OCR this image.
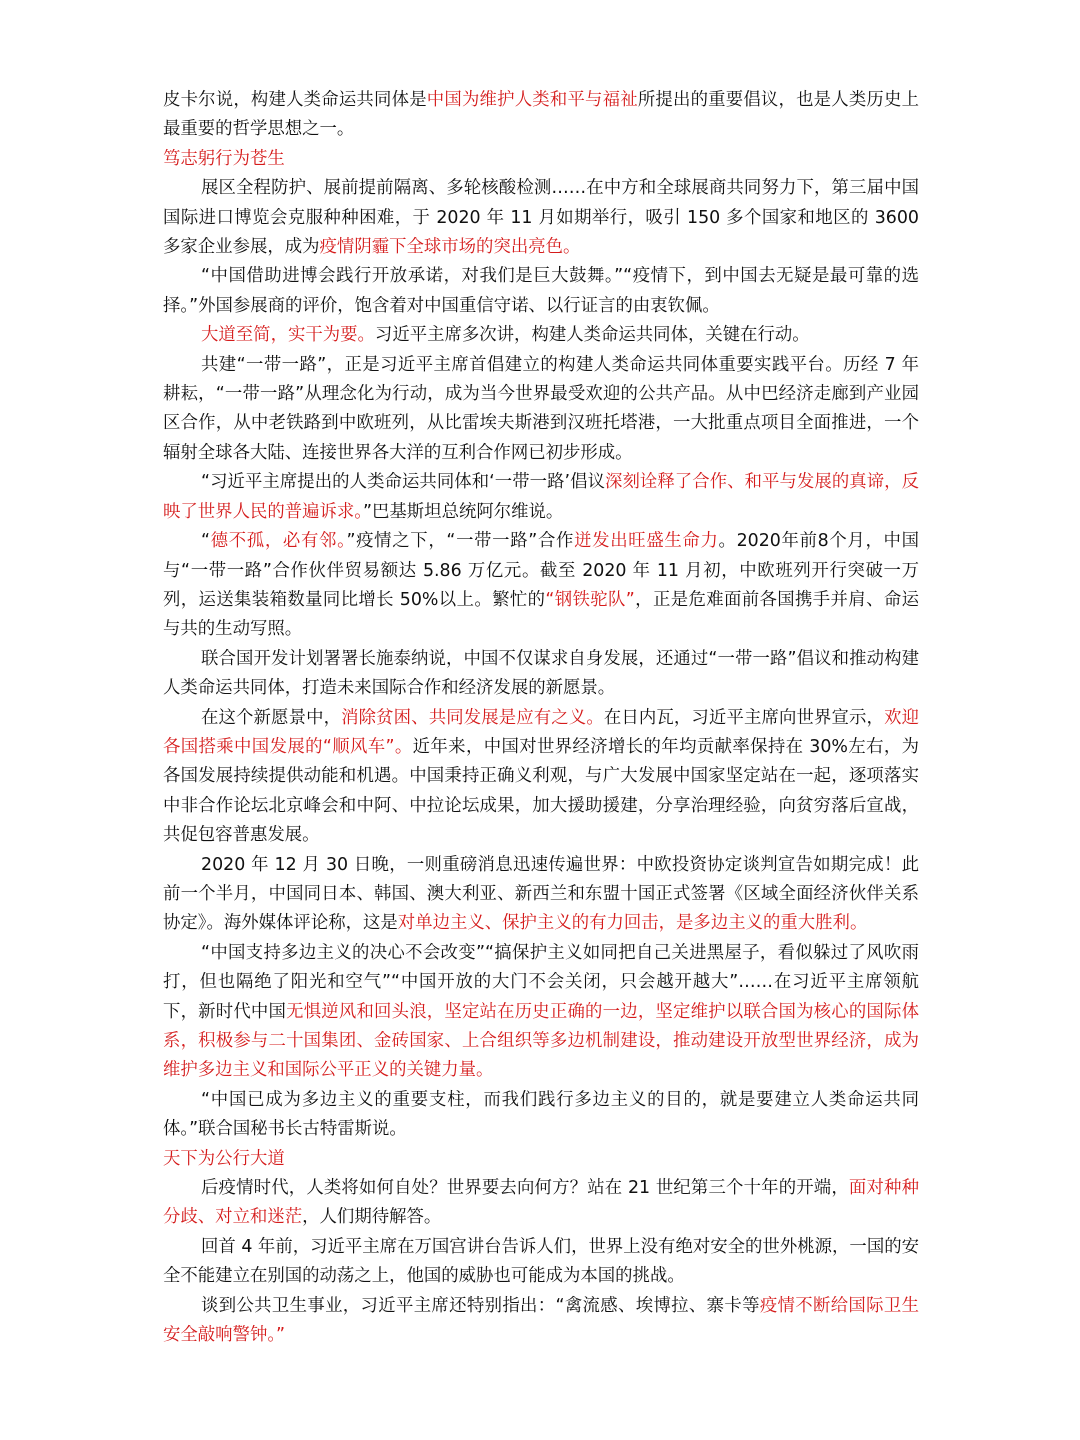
皮卡尔说，构建人类命运共同体是中国为维护人类和平与福祉所提出的重要倡议，也是人类历史上最重要的哲学思想之一。

笃志躬行为苍生

展区全程防护、展前提前隔离、多轮核酸检测……在中方和全球展商共同努力下，第三届中国国际进口博览会克服种种困难，于 2020 年 11 月如期举行，吸引 150 多个国家和地区的 3600 多家企业参展，成为疫情阴霾下全球市场的突出亮色。

“中国借助进博会践行开放承诺，对我们是巨大鼓舞。”“疫情下，到中国去无疑是最可靠的选择。”外国参展商的评价，饱含着对中国重信守诺、以行证言的由衷钦佩。

大道至简，实干为要。习近平主席多次讲，构建人类命运共同体，关键在行动。

共建“一带一路”，正是习近平主席首倡建立的构建人类命运共同体重要实践平台。历经 7 年耕耘，“一带一路”从理念化为行动，成为当今世界最受欢迎的公共产品。从中巴经济走廊到产业园区合作，从中老铁路到中欧班列，从比雷埃夫斯港到汉班托塔港，一大批重点项目全面推进，一个辐射全球各大陆、连接世界各大洋的互利合作网已初步形成。

“习近平主席提出的人类命运共同体和‘一带一路’倡议深刻诠释了合作、和平与发展的真谛，反映了世界人民的普遍诉求。”巴基斯坦总统阿尔维说。

“德不孤，必有邻。”疫情之下，“一带一路”合作迸发出旺盛生命力。2020年前8个月，中国与“一带一路”合作伙伴贸易额达 5.86 万亿元。截至 2020 年 11 月初，中欧班列开行突破一万列，运送集装箱数量同比增长 50%以上。繁忙的“钢铁驼队”，正是危难面前各国携手并肩、命运与共的生动写照。

联合国开发计划署署长施泰纳说，中国不仅谋求自身发展，还通过“一带一路”倡议和推动构建人类命运共同体，打造未来国际合作和经济发展的新愿景。

在这个新愿景中，消除贫困、共同发展是应有之义。在日内瓦，习近平主席向世界宣示，欢迎各国搭乘中国发展的“顺风车”。近年来，中国对世界经济增长的年均贡献率保持在 30%左右，为各国发展持续提供动能和机遇。中国秉持正确义利观，与广大发展中国家坚定站在一起，逐项落实中非合作论坛北京峰会和中阿、中拉论坛成果，加大援助援建，分享治理经验，向贫穷落后宣战，共促包容普惠发展。

2020 年 12 月 30 日晚，一则重磅消息迅速传遍世界：中欧投资协定谈判宣告如期完成！此前一个半月，中国同日本、韩国、澳大利亚、新西兰和东盟十国正式签署《区域全面经济伙伴关系协定》。海外媒体评论称，这是对单边主义、保护主义的有力回击，是多边主义的重大胜利。

“中国支持多边主义的决心不会改变”“搞保护主义如同把自己关进黑屋子，看似躲过了风吹雨打，但也隔绝了阳光和空气”“中国开放的大门不会关闭，只会越开越大”……在习近平主席领航下，新时代中国无惧逆风和回头浪，坚定站在历史正确的一边，坚定维护以联合国为核心的国际体系，积极参与二十国集团、金砖国家、上合组织等多边机制建设，推动建设开放型世界经济，成为维护多边主义和国际公平正义的关键力量。

“中国已成为多边主义的重要支柱，而我们践行多边主义的目的，就是要建立人类命运共同体。”联合国秘书长古特雷斯说。

天下为公行大道

后疫情时代，人类将如何自处？世界要去向何方？站在 21 世纪第三个十年的开端，面对种种分歧、对立和迷茫，人们期待解答。

回首 4 年前，习近平主席在万国宫讲台告诉人们，世界上没有绝对安全的世外桃源，一国的安全不能建立在别国的动荡之上，他国的威胁也可能成为本国的挑战。

谈到公共卫生事业，习近平主席还特别指出：“禽流感、埃博拉、寨卡等疫情不断给国际卫生安全敲响警钟。”
